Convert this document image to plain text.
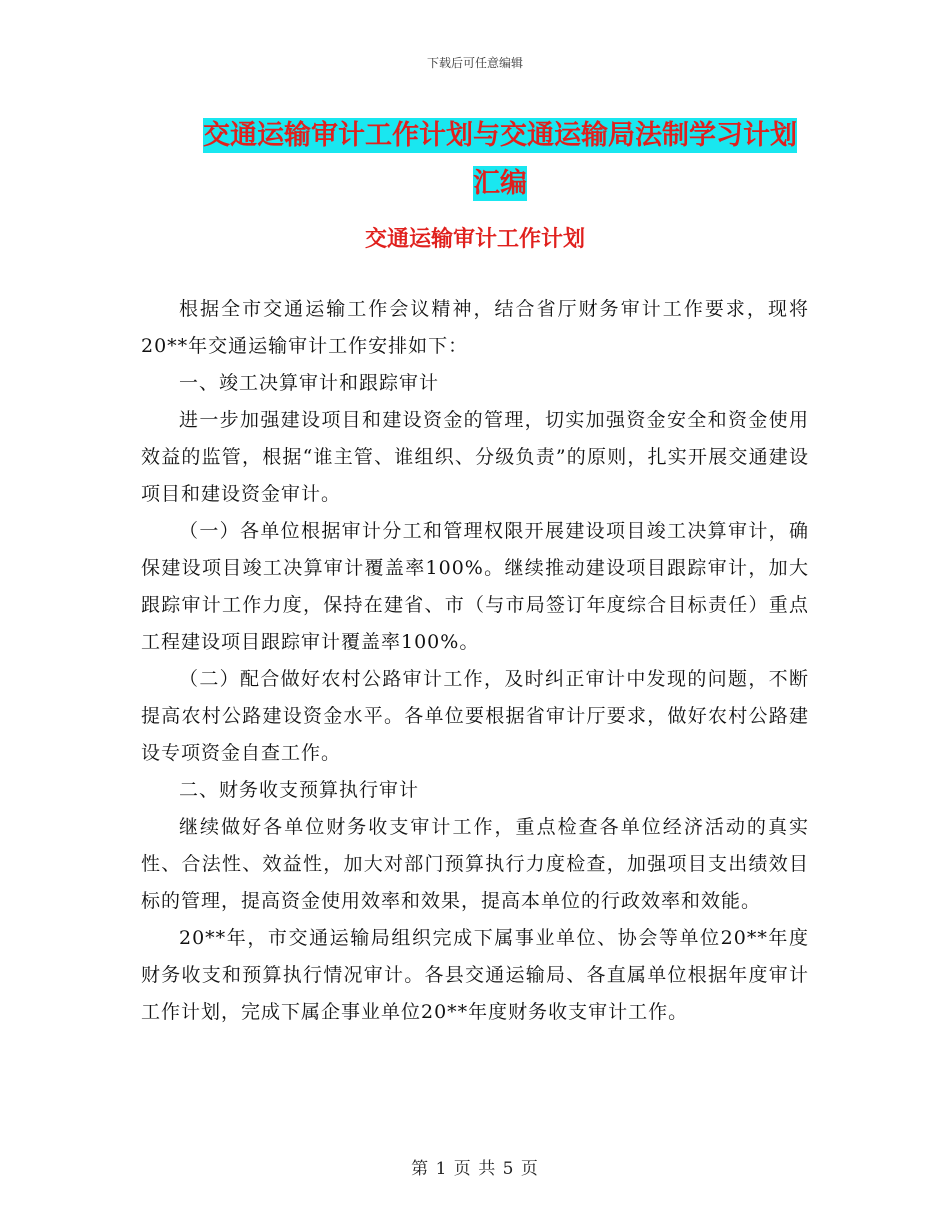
下载后可任意编辑
交通运输审计工作计划与交通运输局法制学习计划汇编
交通运输审计工作计划

根据全市交通运输工作会议精神，结合省厅财务审计工作要求，现将20**年交通运输审计工作安排如下：

一、竣工决算审计和跟踪审计

进一步加强建设项目和建设资金的管理，切实加强资金安全和资金使用效益的监管，根据“谁主管、谁组织、分级负责”的原则，扎实开展交通建设项目和建设资金审计。

（一）各单位根据审计分工和管理权限开展建设项目竣工决算审计，确保建设项目竣工决算审计覆盖率100%。继续推动建设项目跟踪审计，加大跟踪审计工作力度，保持在建省、市（与市局签订年度综合目标责任）重点工程建设项目跟踪审计覆盖率100%。

（二）配合做好农村公路审计工作，及时纠正审计中发现的问题，不断提高农村公路建设资金水平。各单位要根据省审计厅要求，做好农村公路建设专项资金自查工作。

二、财务收支预算执行审计

继续做好各单位财务收支审计工作，重点检查各单位经济活动的真实性、合法性、效益性，加大对部门预算执行力度检查，加强项目支出绩效目标的管理，提高资金使用效率和效果，提高本单位的行政效率和效能。

20**年，市交通运输局组织完成下属事业单位、协会等单位20**年度财务收支和预算执行情况审计。各县交通运输局、各直属单位根据年度审计工作计划，完成下属企事业单位20**年度财务收支审计工作。

第 1 页 共 5 页
